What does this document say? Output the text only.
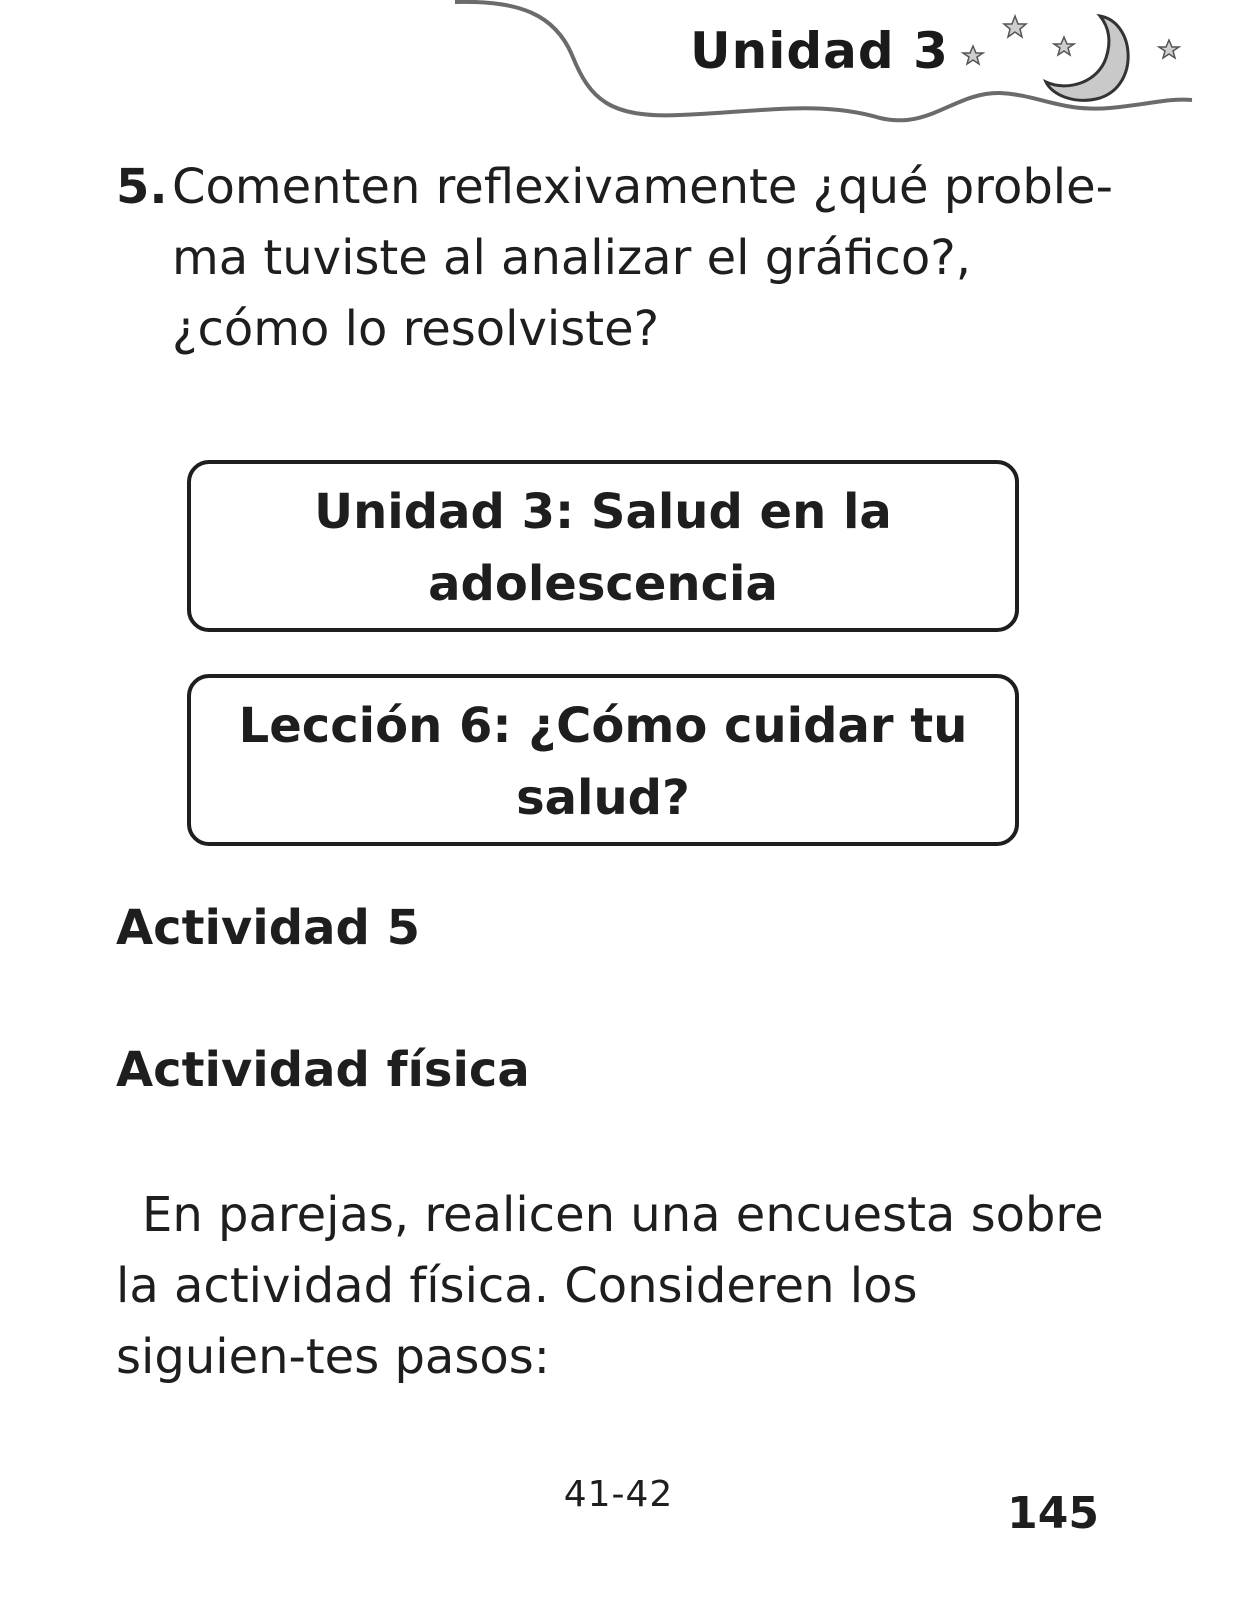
Unidad 3
5. Comenten reflexivamente ¿qué proble-ma tuviste al analizar el gráfico?, ¿cómo lo resolviste?
Unidad 3: Salud en la adolescencia
Lección 6: ¿Cómo cuidar tu salud?
Actividad 5
Actividad física
En parejas, realicen una encuesta sobre la actividad física. Consideren los siguien-tes pasos:
41-42	145
